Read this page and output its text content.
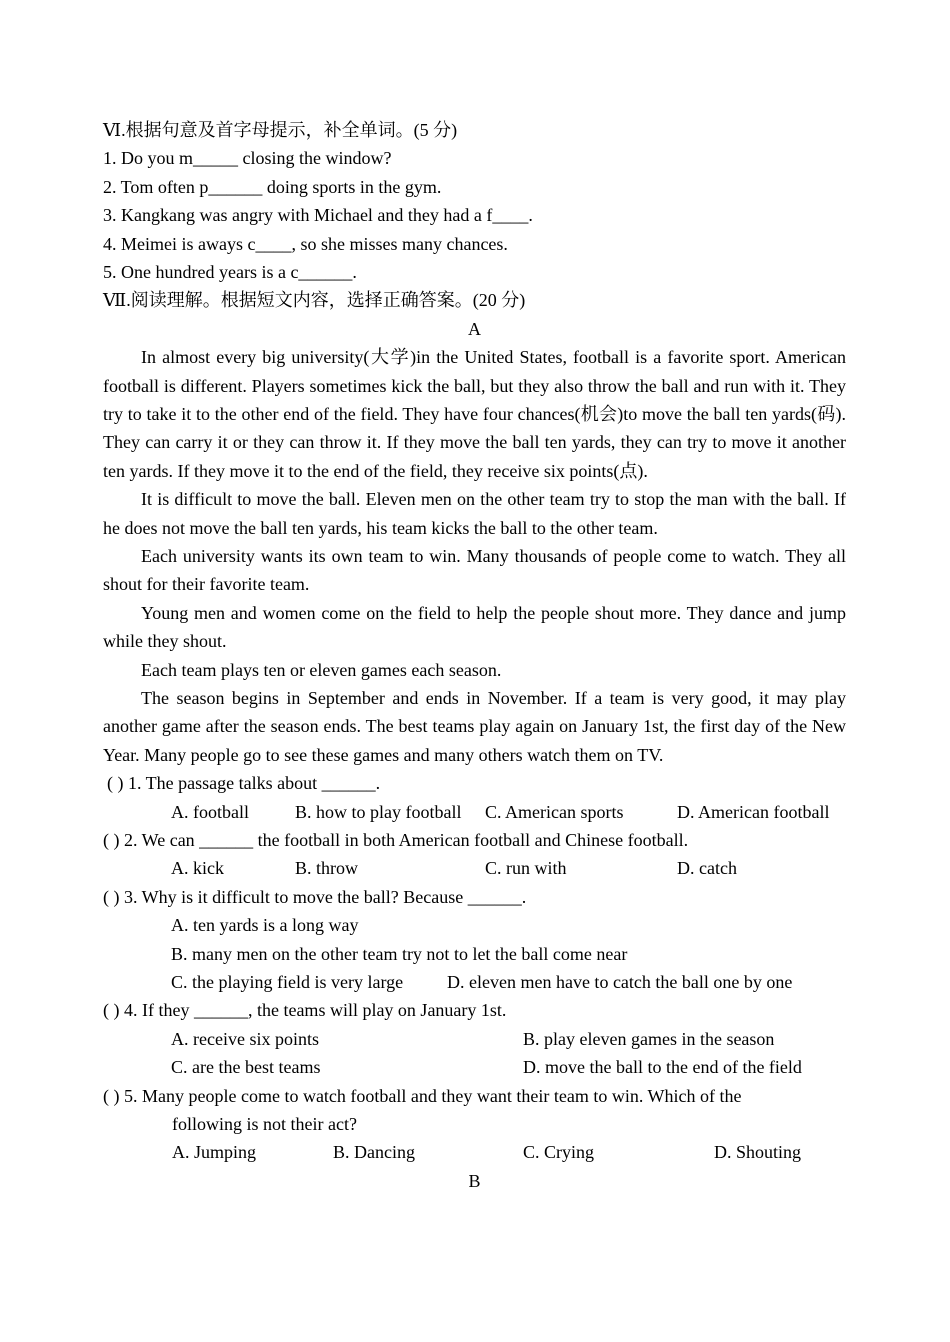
Ⅵ.根据句意及首字母提示，补全单词。(5 分)
1. Do you m_____ closing the window?
2. Tom often p______ doing sports in the gym.
3. Kangkang was angry with Michael and they had a f____.
4. Meimei is aways c____, so she misses many chances.
5. One hundred years is a c______.
Ⅶ.阅读理解。根据短文内容，选择正确答案。(20 分)
A

In almost every big university(大学)in the United States, football is a favorite sport. American football is different. Players sometimes kick the ball, but they also throw the ball and run with it. They try to take it to the other end of the field. They have four chances(机会)to move the ball ten yards(码). They can carry it or they can throw it. If they move the ball ten yards, they can try to move it another ten yards. If they move it to the end of the field, they receive six points(点).

It is difficult to move the ball. Eleven men on the other team try to stop the man with the ball. If he does not move the ball ten yards, his team kicks the ball to the other team.

Each university wants its own team to win. Many thousands of people come to watch. They all shout for their favorite team.

Young men and women come on the field to help the people shout more. They dance and jump while they shout.

Each team plays ten or eleven games each season.

The season begins in September and ends in November. If a team is very good, it may play another game after the season ends. The best teams play again on January 1st, the first day of the New Year. Many people go to see these games and many others watch them on TV.

( ) 1. The passage talks about ______.
A. football	B. how to play football C. American sports	D. American football
( ) 2. We can ______ the football in both American football and Chinese football.
A. kick	B. throw	C. run with	D. catch
( ) 3. Why is it difficult to move the ball? Because ______.
A. ten yards is a long way
B. many men on the other team try not to let the ball come near
C. the playing field is very large D. eleven men have to catch the ball one by one
( ) 4. If they ______, the teams will play on January 1st.
A. receive six points	B. play eleven games in the season
C. are the best teams	D. move the ball to the end of the field
( ) 5. Many people come to watch football and they want their team to win. Which of the
following is not their act?
A. Jumping	B. Dancing	C. Crying	D. Shouting
B
